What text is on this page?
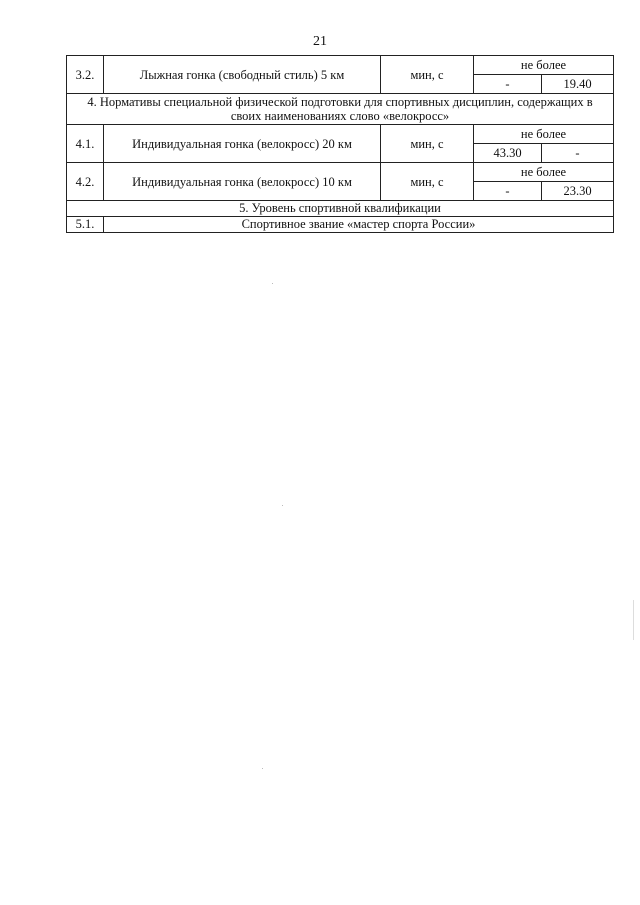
21
3.2.	Лыжная гонка (свободный стиль) 5 км	мин, с	не более	
			-	19.40
4. Нормативы специальной физической подготовки для спортивных дисциплин, содержащих в своих наименованиях слово «велокросс»				
4.1.	Индивидуальная гонка (велокросс) 20 км	мин, с	не более	
			43.30	-
4.2.	Индивидуальная гонка (велокросс) 10 км	мин, с	не более	
			-	23.30
5. Уровень спортивной квалификации				
5.1.	Спортивное звание «мастер спорта России»			
